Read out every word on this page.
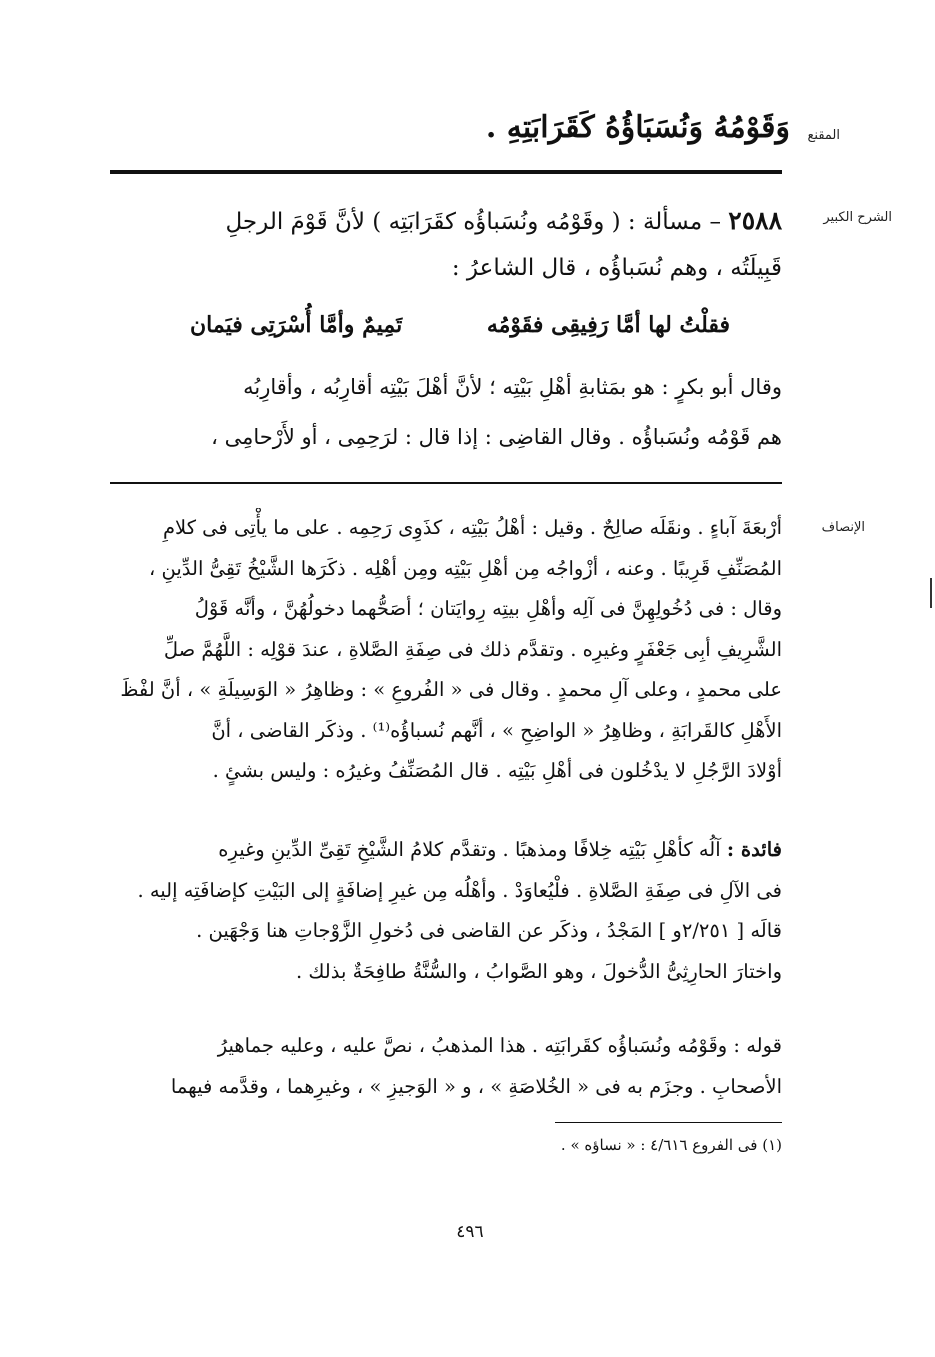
المقنع
وَقَوْمُهُ وَنُسَبَاؤُهُ كَقَرَابَتِهِ .
الشرح الكبير
٢٥٨٨ – مسألة : ( وقَوْمُه ونُسَباؤُه كقَرَابَتِه ) لأنَّ قَوْمَ الرجلِ
قَبِيلَتُه ، وهم نُسَباؤُه ، قال الشاعرُ :
فقلْتُ لها أمَّا رَفِيقِى فقَوْمُه
تَمِيمٌ وأمَّا أُسْرَتِى فيَمان
وقال أبو بكرٍ : هو بمَثابةِ أهْلِ بَيْتِه ؛ لأنَّ أهْلَ بَيْتِه أقارِبُه ، وأقارِبُه
هم قَوْمُه ونُسَباؤُه . وقال القاضِى : إذا قال : لرَحِمِى ، أو لأَرْحامِى ،
الإنصاف
أرْبعَةَ آباءٍ . ونقَلَه صالِحٌ . وقيل : أهْلُ بَيْتِه ، كذَوِى رَحِمِه . على ما يأْتِى فى كلامِ
المُصَنِّفِ قَرِيبًا . وعنه ، أزْواجُه مِن أهْلِ بَيْتِه ومِن أهْلِه . ذكَرَها الشَّيْخُ تَقِىُّ الدِّينِ ،
وقال : فى دُخُولِهِنَّ فى آلِه وأهْلِ بيتِه رِوايَتان ؛ أصَحُّهما دخولُهُنَّ ، وأنَّه قَوْلُ
الشَّرِيفِ أبِى جَعْفَرٍ وغيرِه . وتقدَّم ذلك فى صِفَةِ الصَّلاةِ ، عندَ قوْلِه : اللَّهُمَّ صلِّ
على محمدٍ ، وعلى آلِ محمدٍ . وقال فى « الفُروعِ » : وظاهِرُ « الوَسِيلَةِ » ، أنَّ لفْظَ
الأَهْلِ كالقَرابَةِ ، وظاهِرُ « الواضِحِ » ، أنَّهم نُسباؤُه⁽¹⁾ . وذكَر القاضى ، أنَّ
أوْلادَ الرَّجُلِ لا يدْخُلون فى أهْلِ بَيْتِه . قال المُصَنِّفُ وغيرُه : وليس بشئٍ .
فائدة : آلُه كأهْلِ بَيْتِه خِلافًا ومذهبًا . وتقدَّم كلامُ الشَّيْخِ تَقِىِّ الدِّينِ وغيرِه
فى الآلِ فى صِفَةِ الصَّلاةِ . فلْيُعاوَدْ . وأهْلُه مِن غيرِ إضافَةٍ إلى البَيْتِ كإضافَتِه إليه .
قالَه [ ٢/٢٥١و ] المَجْدُ ، وذكَر عن القاضى فى دُخولِ الزَّوْجاتِ هنا وَجْهَين .
واختارَ الحارِثِىُّ الدُّخولَ ، وهو الصَّوابُ ، والسُّنَّةُ طافِحَةٌ بذلك .
قوله : وقَوْمُه ونُسَباؤُه كقَرابَتِه . هذا المذهبُ ، نصَّ عليه ، وعليه جماهيرُ
الأصحابِ . وجزَم به فى « الخُلاصَةِ » ، و « الوَجيزِ » ، وغيرِهما ، وقدَّمه فيهما
(١) فى الفروع ٤/٦١٦ : « نساؤه » .
٤٩٦
